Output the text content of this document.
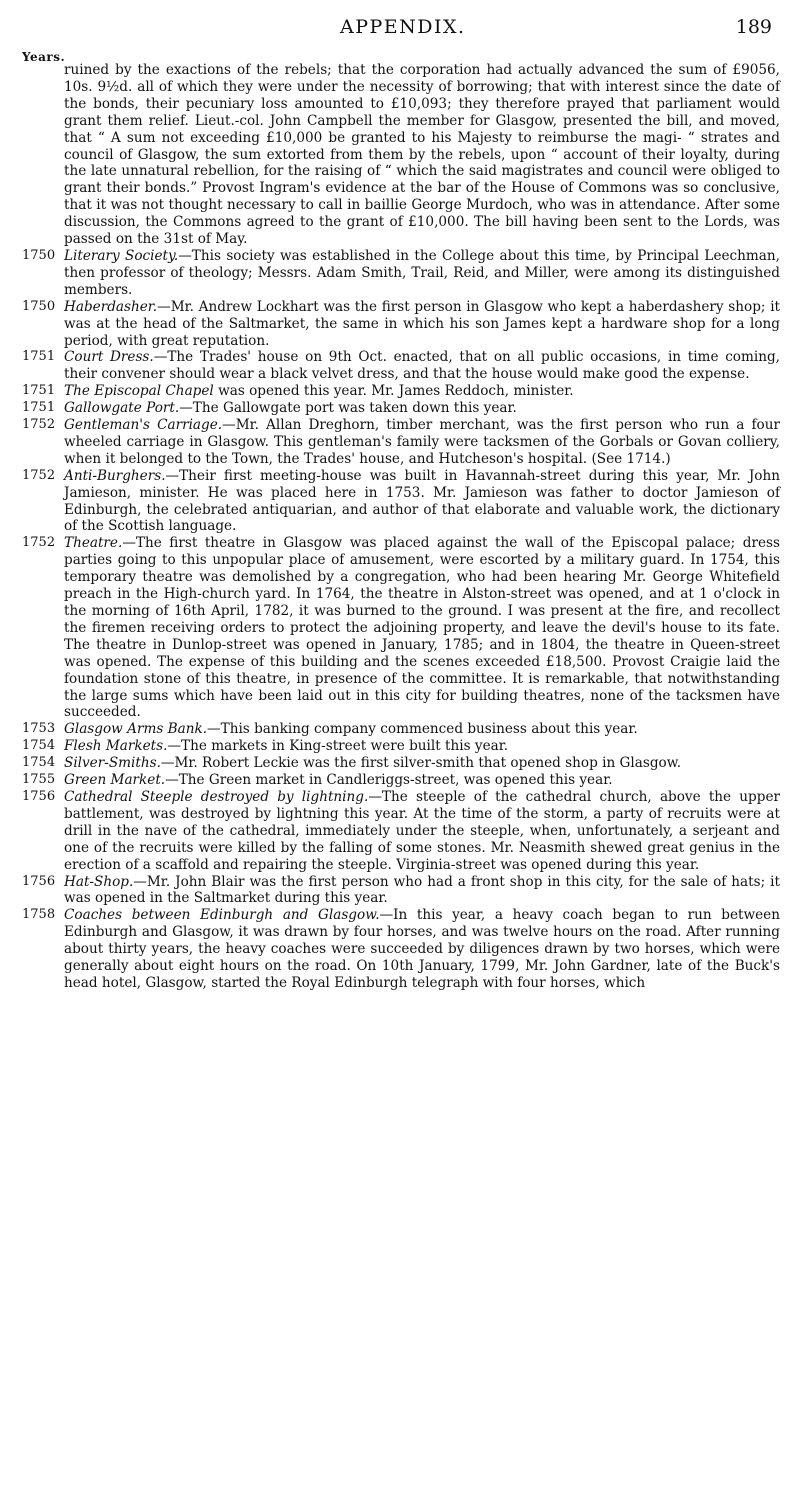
APPENDIX.	189
Years.
ruined by the exactions of the rebels; that the corporation had actually advanced the sum of £9056, 10s. 9½d. all of which they were under the necessity of borrowing; that with interest since the date of the bonds, their pecuniary loss amounted to £10,093; they therefore prayed that parliament would grant them relief. Lieut.-col. John Campbell the member for Glasgow, presented the bill, and moved, that “ A sum not exceeding £10,000 be granted to his Majesty to reimburse the magi- “ strates and council of Glasgow, the sum extorted from them by the rebels, upon “ account of their loyalty, during the late unnatural rebellion, for the raising of “ which the said magistrates and council were obliged to grant their bonds.” Provost Ingram's evidence at the bar of the House of Commons was so conclusive, that it was not thought necessary to call in baillie George Murdoch, who was in attendance. After some discussion, the Commons agreed to the grant of £10,000. The bill having been sent to the Lords, was passed on the 31st of May.
1750 Literary Society.—This society was established in the College about this time, by Principal Leechman, then professor of theology; Messrs. Adam Smith, Trail, Reid, and Miller, were among its distinguished members.
1750 Haberdasher.—Mr. Andrew Lockhart was the first person in Glasgow who kept a haberdashery shop; it was at the head of the Saltmarket, the same in which his son James kept a hardware shop for a long period, with great reputation.
1751 Court Dress.—The Trades' house on 9th Oct. enacted, that on all public occasions, in time coming, their convener should wear a black velvet dress, and that the house would make good the expense.
1751 The Episcopal Chapel was opened this year. Mr. James Reddoch, minister.
1751 Gallowgate Port.—The Gallowgate port was taken down this year.
1752 Gentleman's Carriage.—Mr. Allan Dreghorn, timber merchant, was the first person who run a four wheeled carriage in Glasgow. This gentleman's family were tacksmen of the Gorbals or Govan colliery, when it belonged to the Town, the Trades' house, and Hutcheson's hospital. (See 1714.)
1752 Anti-Burghers.—Their first meeting-house was built in Havannah-street during this year, Mr. John Jamieson, minister. He was placed here in 1753. Mr. Jamieson was father to doctor Jamieson of Edinburgh, the celebrated antiquarian, and author of that elaborate and valuable work, the dictionary of the Scottish language.
1752 Theatre.—The first theatre in Glasgow was placed against the wall of the Episcopal palace; dress parties going to this unpopular place of amusement, were escorted by a military guard. In 1754, this temporary theatre was demolished by a congregation, who had been hearing Mr. George Whitefield preach in the High-church yard. In 1764, the theatre in Alston-street was opened, and at 1 o'clock in the morning of 16th April, 1782, it was burned to the ground. I was present at the fire, and recollect the firemen receiving orders to protect the adjoining property, and leave the devil's house to its fate. The theatre in Dunlop-street was opened in January, 1785; and in 1804, the theatre in Queen-street was opened. The expense of this building and the scenes exceeded £18,500. Provost Craigie laid the foundation stone of this theatre, in presence of the committee. It is remarkable, that notwithstanding the large sums which have been laid out in this city for building theatres, none of the tacksmen have succeeded.
1753 Glasgow Arms Bank.—This banking company commenced business about this year.
1754 Flesh Markets.—The markets in King-street were built this year.
1754 Silver-Smiths.—Mr. Robert Leckie was the first silver-smith that opened shop in Glasgow.
1755 Green Market.—The Green market in Candleriggs-street, was opened this year.
1756 Cathedral Steeple destroyed by lightning.—The steeple of the cathedral church, above the upper battlement, was destroyed by lightning this year. At the time of the storm, a party of recruits were at drill in the nave of the cathedral, immediately under the steeple, when, unfortunately, a serjeant and one of the recruits were killed by the falling of some stones. Mr. Neasmith shewed great genius in the erection of a scaffold and repairing the steeple. Virginia-street was opened during this year.
1756 Hat-Shop.—Mr. John Blair was the first person who had a front shop in this city, for the sale of hats; it was opened in the Saltmarket during this year.
1758 Coaches between Edinburgh and Glasgow.—In this year, a heavy coach began to run between Edinburgh and Glasgow, it was drawn by four horses, and was twelve hours on the road. After running about thirty years, the heavy coaches were succeeded by diligences drawn by two horses, which were generally about eight hours on the road. On 10th January, 1799, Mr. John Gardner, late of the Buck's head hotel, Glasgow, started the Royal Edinburgh telegraph with four horses, which
